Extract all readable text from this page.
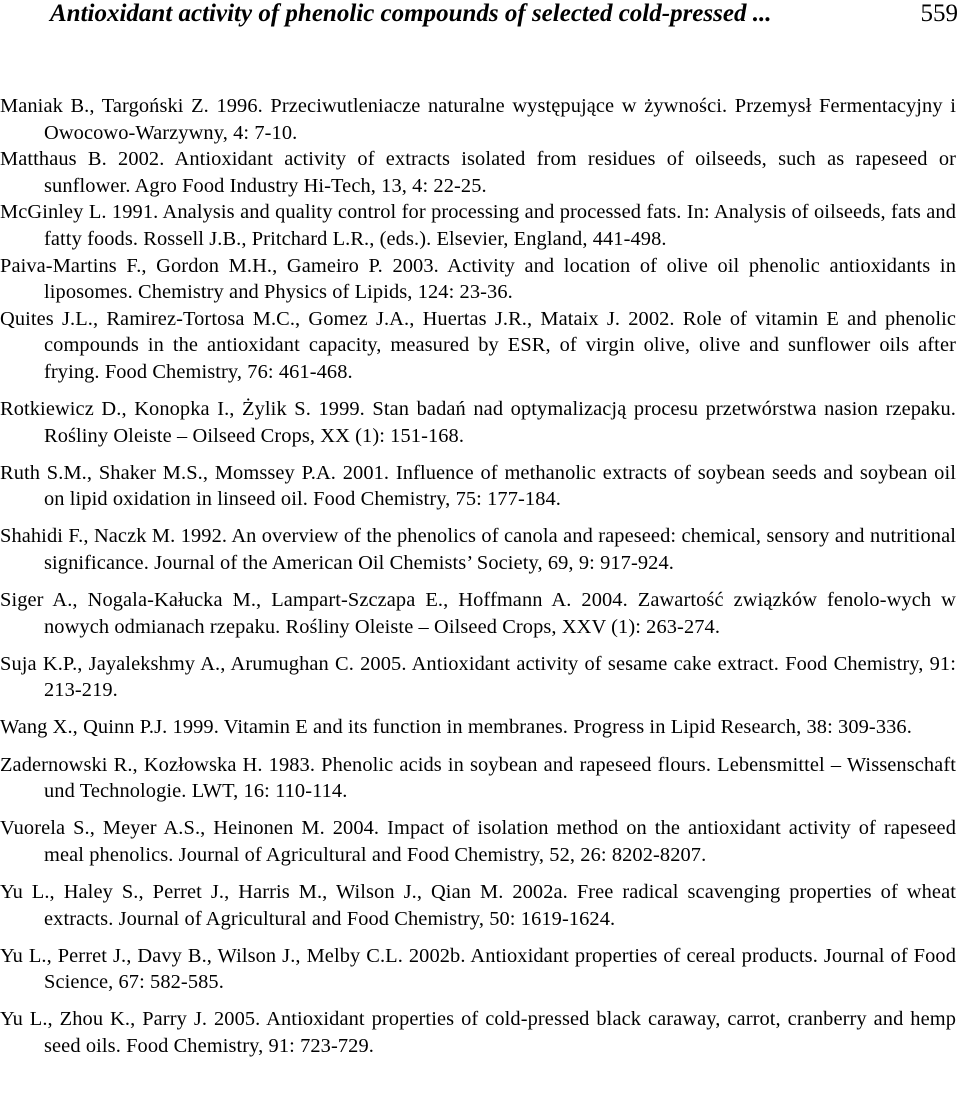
Antioxidant activity of phenolic compounds of selected cold-pressed ...	559

Maniak B., Targoński Z. 1996. Przeciwutleniacze naturalne występujące w żywności. Przemysł Fermentacyjny i Owocowo-Warzywny, 4: 7-10.

Matthaus B. 2002. Antioxidant activity of extracts isolated from residues of oilseeds, such as rapeseed or sunflower. Agro Food Industry Hi-Tech, 13, 4: 22-25.

McGinley L. 1991. Analysis and quality control for processing and processed fats. In: Analysis of oilseeds, fats and fatty foods. Rossell J.B., Pritchard L.R., (eds.). Elsevier, England, 441-498.

Paiva-Martins F., Gordon M.H., Gameiro P. 2003. Activity and location of olive oil phenolic antioxidants in liposomes. Chemistry and Physics of Lipids, 124: 23-36.

Quites J.L., Ramirez-Tortosa M.C., Gomez J.A., Huertas J.R., Mataix J. 2002. Role of vitamin E and phenolic compounds in the antioxidant capacity, measured by ESR, of virgin olive, olive and sunflower oils after frying. Food Chemistry, 76: 461-468.

Rotkiewicz D., Konopka I., Żylik S. 1999. Stan badań nad optymalizacją procesu przetwórstwa nasion rzepaku. Rośliny Oleiste – Oilseed Crops, XX (1): 151-168.

Ruth S.M., Shaker M.S., Momssey P.A. 2001. Influence of methanolic extracts of soybean seeds and soybean oil on lipid oxidation in linseed oil. Food Chemistry, 75: 177-184.

Shahidi F., Naczk M. 1992. An overview of the phenolics of canola and rapeseed: chemical, sensory and nutritional significance. Journal of the American Oil Chemists’ Society, 69, 9: 917-924.

Siger A., Nogala-Kałucka M., Lampart-Szczapa E., Hoffmann A. 2004. Zawartość związków fenolo-wych w nowych odmianach rzepaku. Rośliny Oleiste – Oilseed Crops, XXV (1): 263-274.

Suja K.P., Jayalekshmy A., Arumughan C. 2005. Antioxidant activity of sesame cake extract. Food Chemistry, 91: 213-219.

Wang X., Quinn P.J. 1999. Vitamin E and its function in membranes. Progress in Lipid Research, 38: 309-336.

Zadernowski R., Kozłowska H. 1983. Phenolic acids in soybean and rapeseed flours. Lebensmittel – Wissenschaft und Technologie. LWT, 16: 110-114.

Vuorela S., Meyer A.S., Heinonen M. 2004. Impact of isolation method on the antioxidant activity of rapeseed meal phenolics. Journal of Agricultural and Food Chemistry, 52, 26: 8202-8207.

Yu L., Haley S., Perret J., Harris M., Wilson J., Qian M. 2002a. Free radical scavenging properties of wheat extracts. Journal of Agricultural and Food Chemistry, 50: 1619-1624.

Yu L., Perret J., Davy B., Wilson J., Melby C.L. 2002b. Antioxidant properties of cereal products. Journal of Food Science, 67: 582-585.

Yu L., Zhou K., Parry J. 2005. Antioxidant properties of cold-pressed black caraway, carrot, cranberry and hemp seed oils. Food Chemistry, 91: 723-729.
